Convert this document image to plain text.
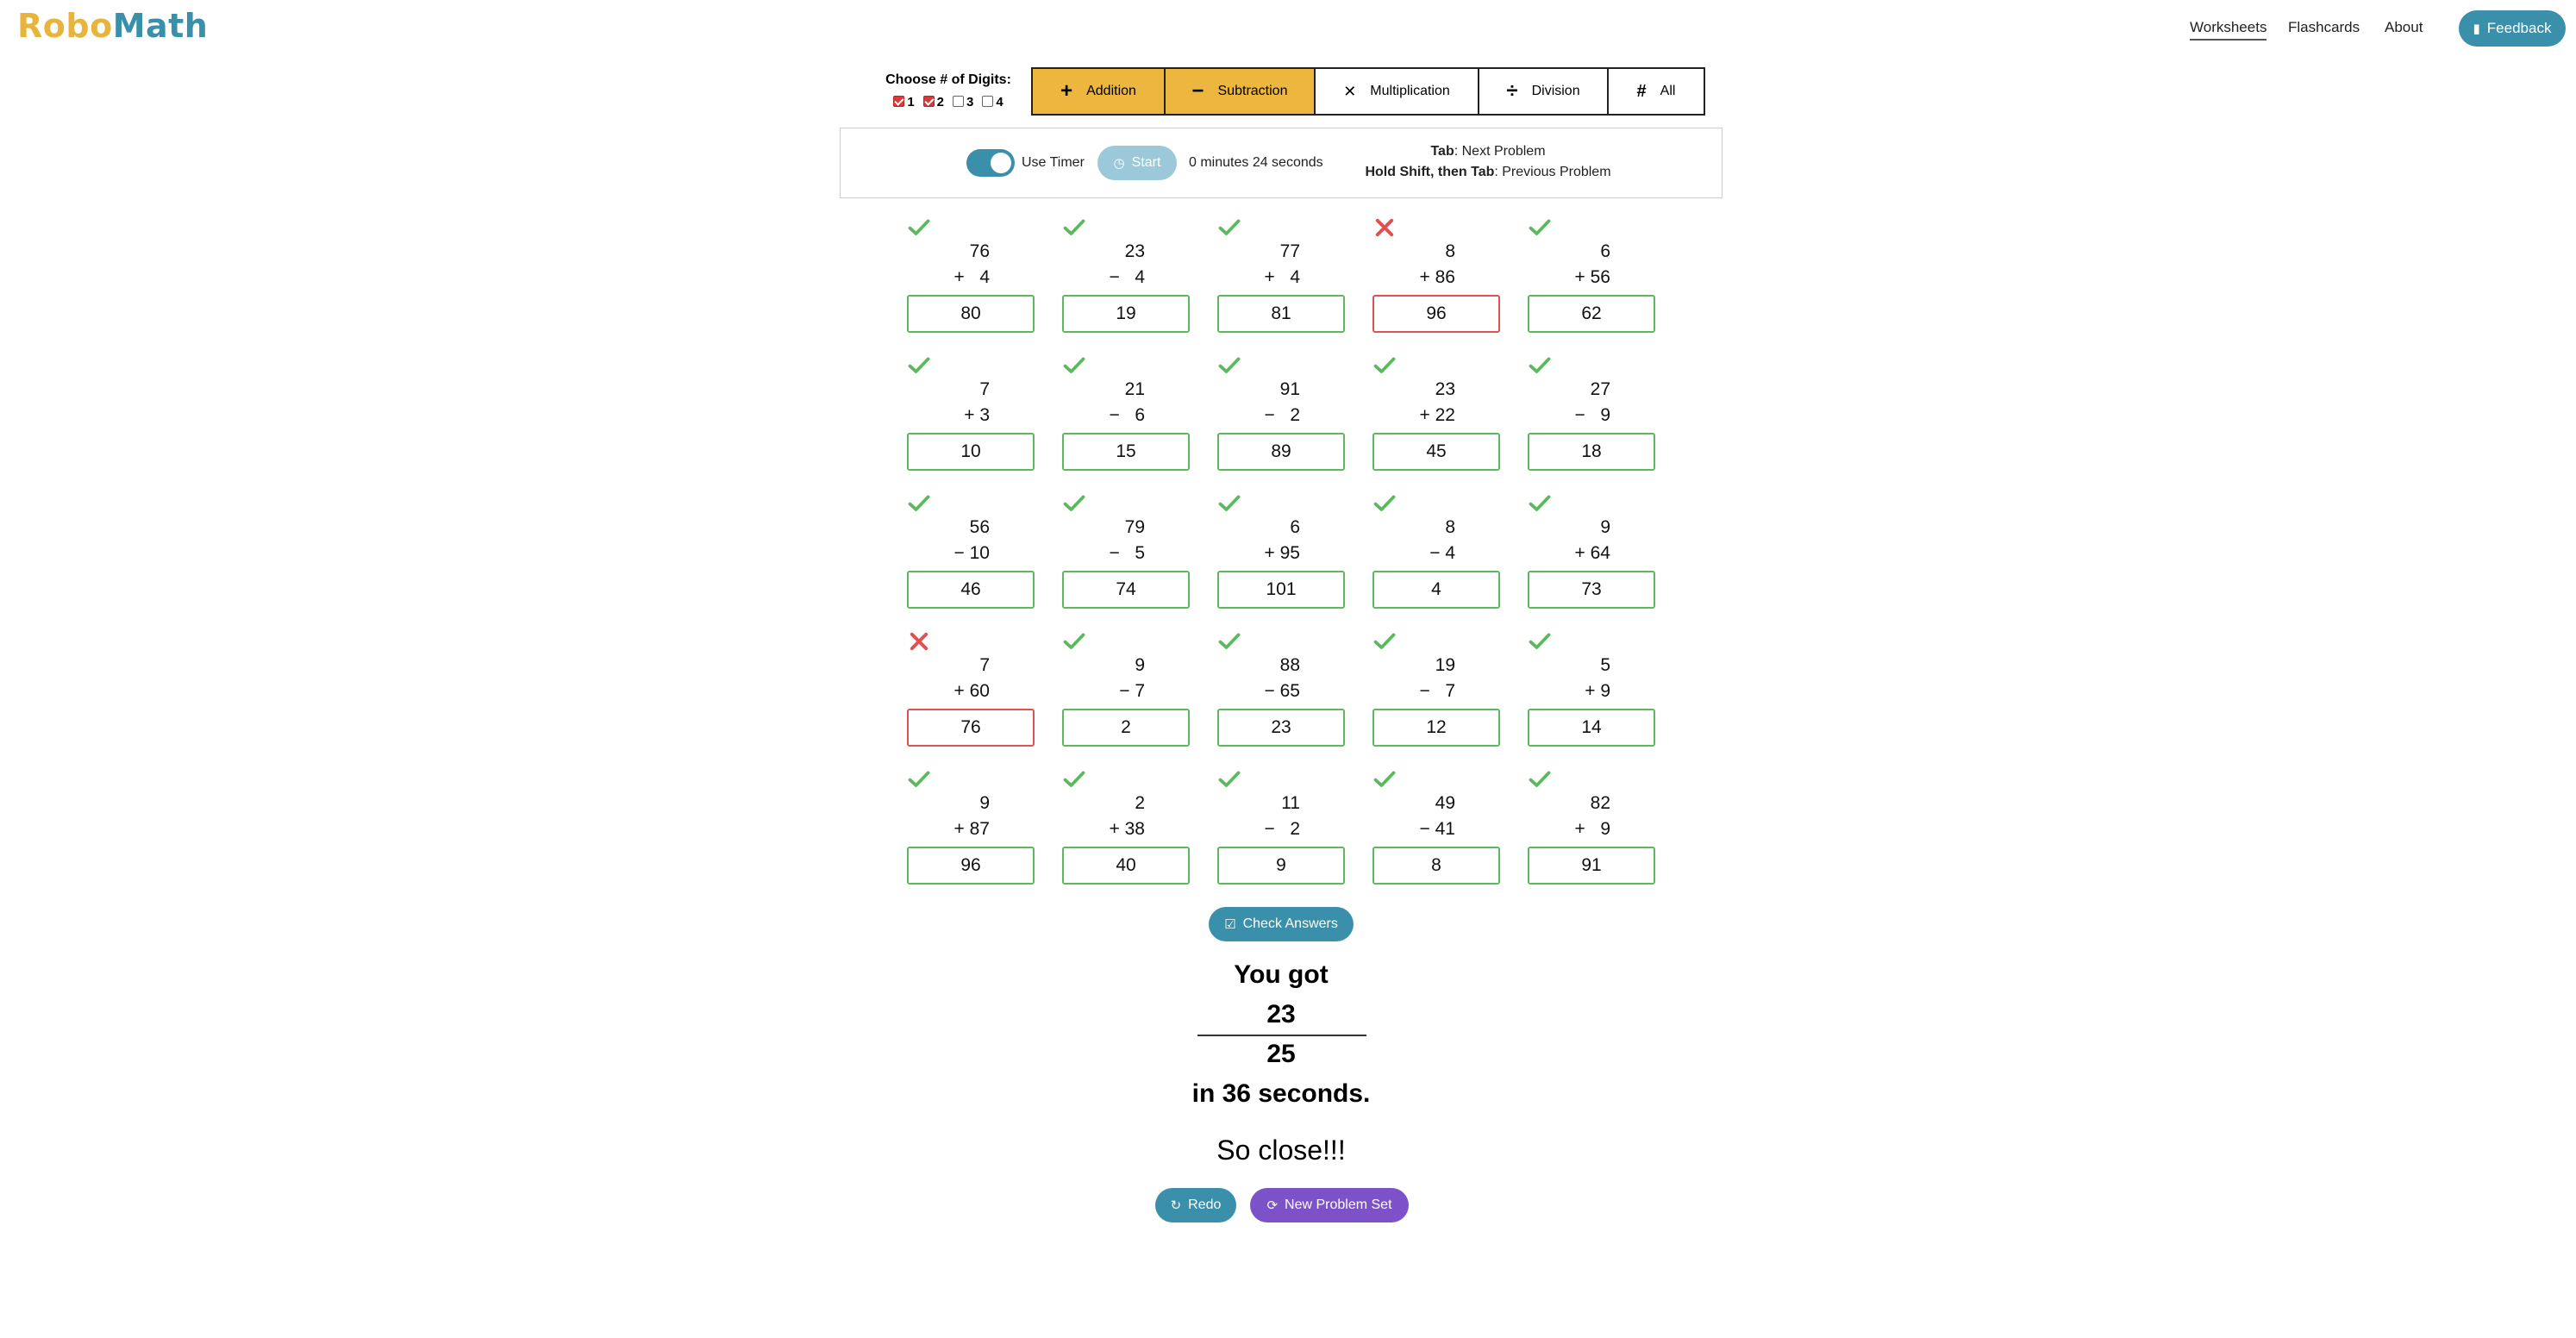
RoboMath	Worksheets Flashcards About	▮ Feedback
Choose # of Digits:
1	2	3	4	+ Addition	− Subtraction	✕ Multiplication	÷ Division	# All
Use Timer ◷ Start 0 minutes 24 seconds
Tab: Next Problem
Hold Shift, then Tab: Previous Problem
76
+   4
80
23
−   4
19
77
+   4
81
8
+ 86
96
6
+ 56
62
7
+ 3
10
21
−   6
15
91
−   2
89
23
+ 22
45
27
−   9
18
56
− 10
46
79
−   5
74
6
+ 95
101
8
− 4
4
9
+ 64
73
7
+ 60
76
9
− 7
2
88
− 65
23
19
−   7
12
5
+ 9
14
9
+ 87
96
2
+ 38
40
11
−   2
9
49
− 41
8
82
+   9
91
☑ Check Answers
You got
23
25
in 36 seconds.
So close!!!
↻ Redo	⟳ New Problem Set
